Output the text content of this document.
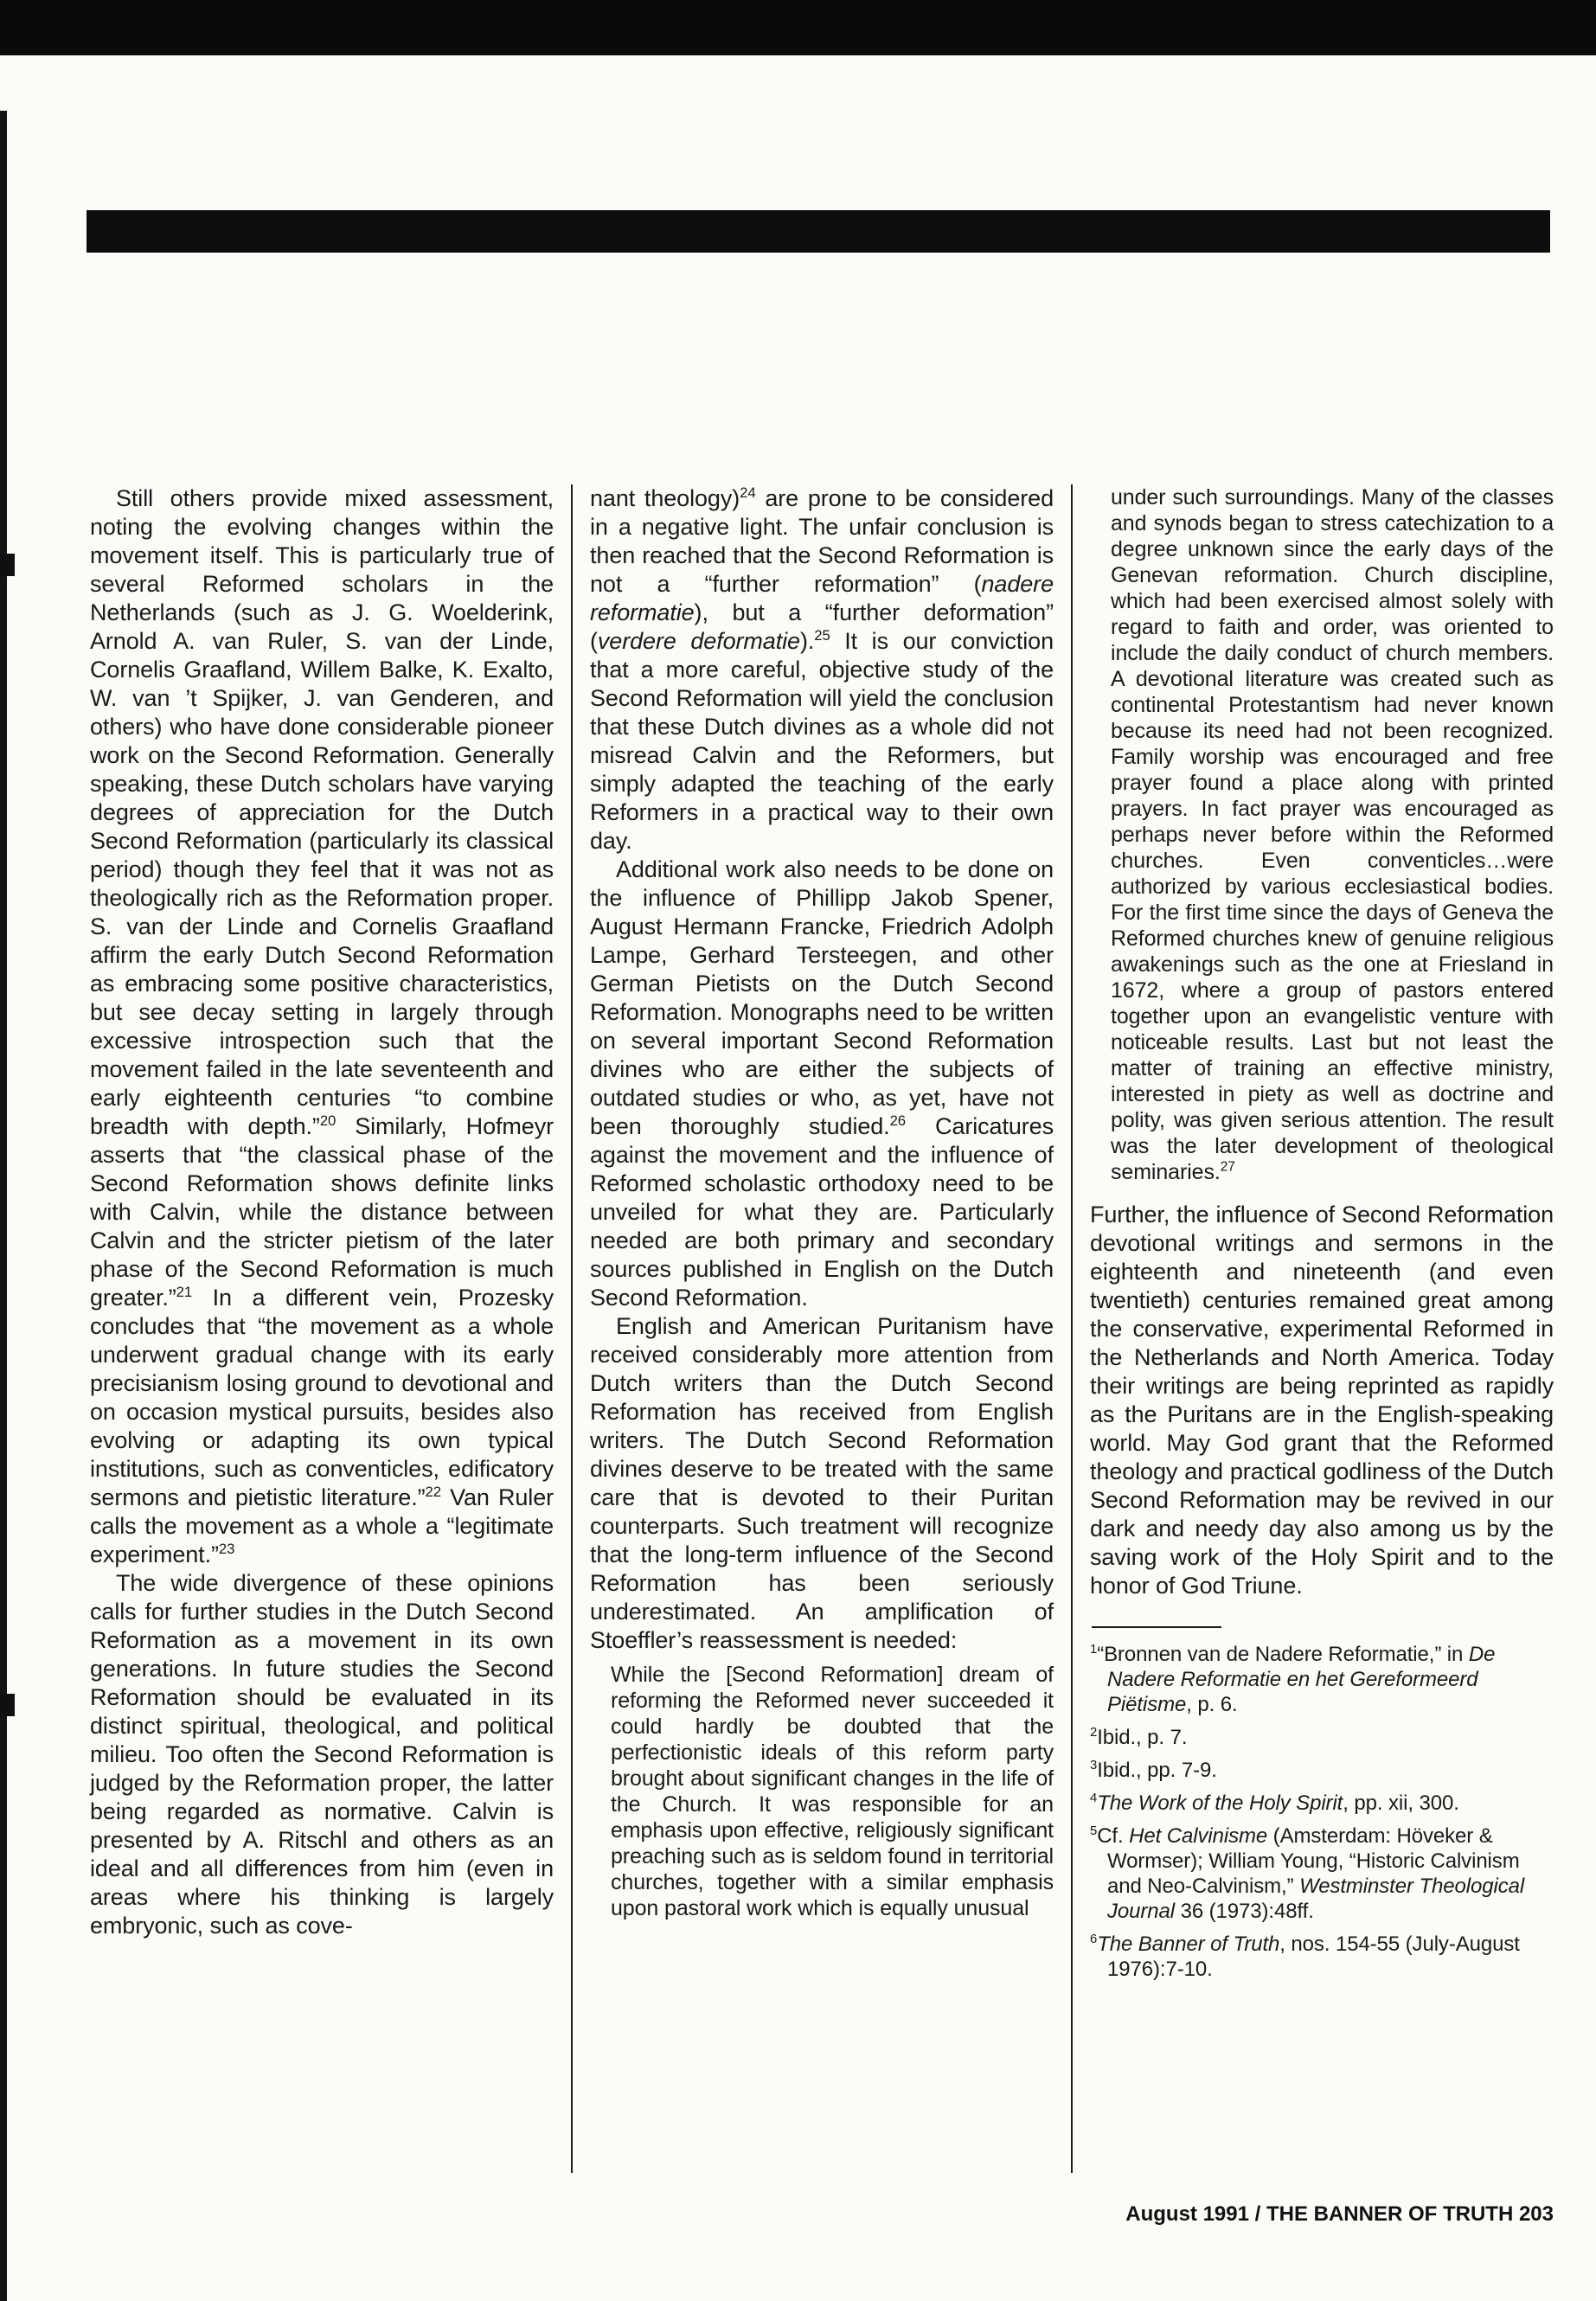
Still others provide mixed assessment, noting the evolving changes within the movement itself. This is particularly true of several Reformed scholars in the Netherlands (such as J. G. Woelderink, Arnold A. van Ruler, S. van der Linde, Cornelis Graafland, Willem Balke, K. Exalto, W. van ’t Spijker, J. van Genderen, and others) who have done considerable pioneer work on the Second Reformation. Generally speaking, these Dutch scholars have varying degrees of appreciation for the Dutch Second Reformation (particularly its classical period) though they feel that it was not as theologically rich as the Reformation proper. S. van der Linde and Cornelis Graafland affirm the early Dutch Second Reformation as embracing some positive characteristics, but see decay setting in largely through excessive introspection such that the movement failed in the late seventeenth and early eighteenth centuries “to combine breadth with depth.”$^{20}$ Similarly, Hofmeyr asserts that “the classical phase of the Second Reformation shows definite links with Calvin, while the distance between Calvin and the stricter pietism of the later phase of the Second Reformation is much greater.”$^{21}$ In a different vein, Prozesky concludes that “the movement as a whole underwent gradual change with its early precisianism losing ground to devotional and on occasion mystical pursuits, besides also evolving or adapting its own typical institutions, such as conventicles, edificatory sermons and pietistic literature.”$^{22}$ Van Ruler calls the movement as a whole a “legitimate experiment.”$^{23}$

The wide divergence of these opinions calls for further studies in the Dutch Second Reformation as a movement in its own generations. In future studies the Second Reformation should be evaluated in its distinct spiritual, theological, and political milieu. Too often the Second Reformation is judged by the Reformation proper, the latter being regarded as normative. Calvin is presented by A. Ritschl and others as an ideal and all differences from him (even in areas where his thinking is largely embryonic, such as cove-

nant theology)$^{24}$ are prone to be considered in a negative light. The unfair conclusion is then reached that the Second Reformation is not a “further reformation” (nadere reformatie), but a “further deformation” (verdere deformatie).$^{25}$ It is our conviction that a more careful, objective study of the Second Reformation will yield the conclusion that these Dutch divines as a whole did not misread Calvin and the Reformers, but simply adapted the teaching of the early Reformers in a practical way to their own day.

Additional work also needs to be done on the influence of Phillipp Jakob Spener, August Hermann Francke, Friedrich Adolph Lampe, Gerhard Tersteegen, and other German Pietists on the Dutch Second Reformation. Monographs need to be written on several important Second Reformation divines who are either the subjects of outdated studies or who, as yet, have not been thoroughly studied.$^{26}$ Caricatures against the movement and the influence of Reformed scholastic orthodoxy need to be unveiled for what they are. Particularly needed are both primary and secondary sources published in English on the Dutch Second Reformation.

English and American Puritanism have received considerably more attention from Dutch writers than the Dutch Second Reformation has received from English writers. The Dutch Second Reformation divines deserve to be treated with the same care that is devoted to their Puritan counterparts. Such treatment will recognize that the long-term influence of the Second Reformation has been seriously underestimated. An amplification of Stoeffler’s reassessment is needed:

While the [Second Reformation] dream of reforming the Reformed never succeeded it could hardly be doubted that the perfectionistic ideals of this reform party brought about significant changes in the life of the Church. It was responsible for an emphasis upon effective, religiously significant preaching such as is seldom found in territorial churches, together with a similar emphasis upon pastoral work which is equally unusual

under such surroundings. Many of the classes and synods began to stress catechization to a degree unknown since the early days of the Genevan reformation. Church discipline, which had been exercised almost solely with regard to faith and order, was oriented to include the daily conduct of church members. A devotional literature was created such as continental Protestantism had never known because its need had not been recognized. Family worship was encouraged and free prayer found a place along with printed prayers. In fact prayer was encouraged as perhaps never before within the Reformed churches. Even conventicles…were authorized by various ecclesiastical bodies. For the first time since the days of Geneva the Reformed churches knew of genuine religious awakenings such as the one at Friesland in 1672, where a group of pastors entered together upon an evangelistic venture with noticeable results. Last but not least the matter of training an effective ministry, interested in piety as well as doctrine and polity, was given serious attention. The result was the later development of theological seminaries.$^{27}$

Further, the influence of Second Reformation devotional writings and sermons in the eighteenth and nineteenth (and even twentieth) centuries remained great among the conservative, experimental Reformed in the Netherlands and North America. Today their writings are being reprinted as rapidly as the Puritans are in the English-speaking world. May God grant that the Reformed theology and practical godliness of the Dutch Second Reformation may be revived in our dark and needy day also among us by the saving work of the Holy Spirit and to the honor of God Triune.

$^1$“Bronnen van de Nadere Reformatie,” in De Nadere Reformatie en het Gereformeerd Piëtisme, p. 6.

$^2$Ibid., p. 7.

$^3$Ibid., pp. 7-9.

$^4$The Work of the Holy Spirit, pp. xii, 300.

$^5$Cf. Het Calvinisme (Amsterdam: Höveker & Wormser); William Young, “Historic Calvinism and Neo-Calvinism,” Westminster Theological Journal 36 (1973):48ff.

$^6$The Banner of Truth, nos. 154-55 (July-August 1976):7-10.

August 1991 / THE BANNER OF TRUTH 203
